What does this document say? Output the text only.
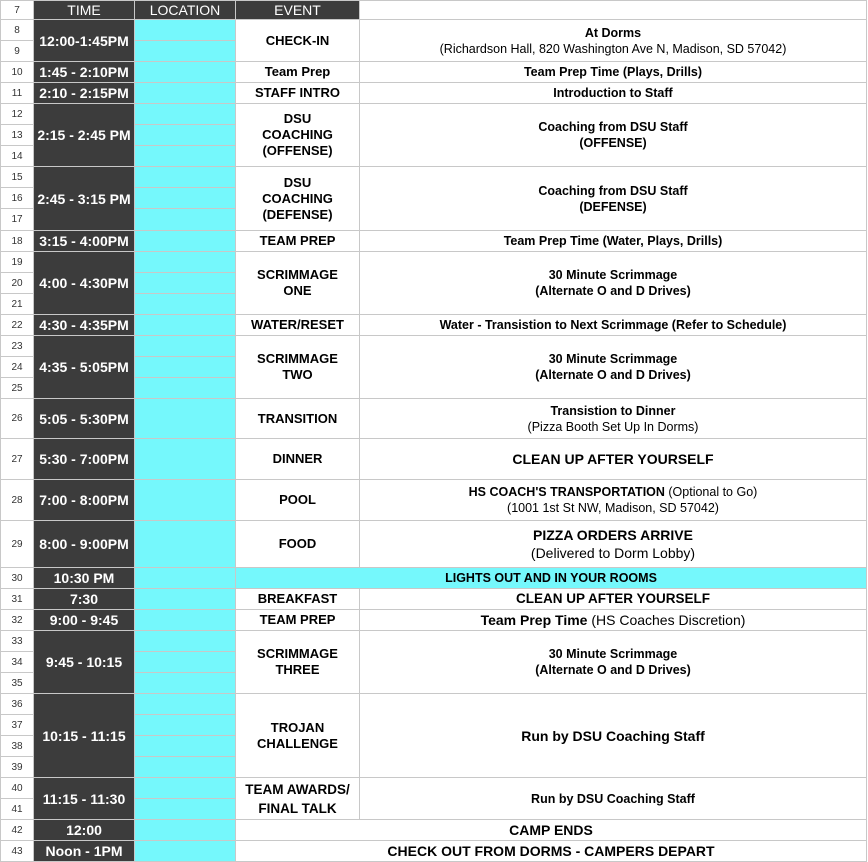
7	TIME	LOCATION	EVENT	
8	12:00-1:45PM		CHECK-IN	At Dorms
(Richardson Hall, 820 Washington Ave N, Madison, SD 57042)

9				
10	1:45 - 2:10PM		Team Prep	Team Prep Time (Plays, Drills)
11	2:10 - 2:15PM		STAFF INTRO	Introduction to Staff
12	2:15 - 2:45 PM		DSU
COACHING
(OFFENSE)	Coaching from DSU Staff
(OFFENSE)

13				
14				
15	2:45 - 3:15 PM		DSU
COACHING
(DEFENSE)	Coaching from DSU Staff
(DEFENSE)

16				
17				
18	3:15 - 4:00PM		TEAM PREP	Team Prep Time (Water, Plays, Drills)
19	4:00 - 4:30PM		SCRIMMAGE
ONE	30 Minute Scrimmage
(Alternate O and D Drives)

20				
21				
22	4:30 - 4:35PM		WATER/RESET	Water - Transistion to Next Scrimmage (Refer to Schedule)
23	4:35 - 5:05PM		SCRIMMAGE
TWO	30 Minute Scrimmage
(Alternate O and D Drives)

24				
25				
26	5:05 - 5:30PM		TRANSITION	Transistion to Dinner
(Pizza Booth Set Up In Dorms)

27	5:30 - 7:00PM		DINNER	CLEAN UP AFTER YOURSELF
28	7:00 - 8:00PM		POOL	HS COACH'S TRANSPORTATION (Optional to Go)
(1001 1st St NW, Madison, SD 57042)

29	8:00 - 9:00PM		FOOD	PIZZA ORDERS ARRIVE
(Delivered to Dorm Lobby)

30	10:30 PM		LIGHTS OUT AND IN YOUR ROOMS	
31	7:30		BREAKFAST	CLEAN UP AFTER YOURSELF
32	9:00 - 9:45		TEAM PREP	Team Prep Time (HS Coaches Discretion)
33	9:45 - 10:15		SCRIMMAGE
THREE	30 Minute Scrimmage
(Alternate O and D Drives)

34				
35				
36	10:15 - 11:15		TROJAN
CHALLENGE	Run by DSU Coaching Staff
37				
38				
39				
40	11:15 - 11:30		TEAM AWARDS/
FINAL TALK	Run by DSU Coaching Staff
41				
42	12:00		CAMP ENDS	
43	Noon - 1PM		CHECK OUT FROM DORMS - CAMPERS DEPART	
